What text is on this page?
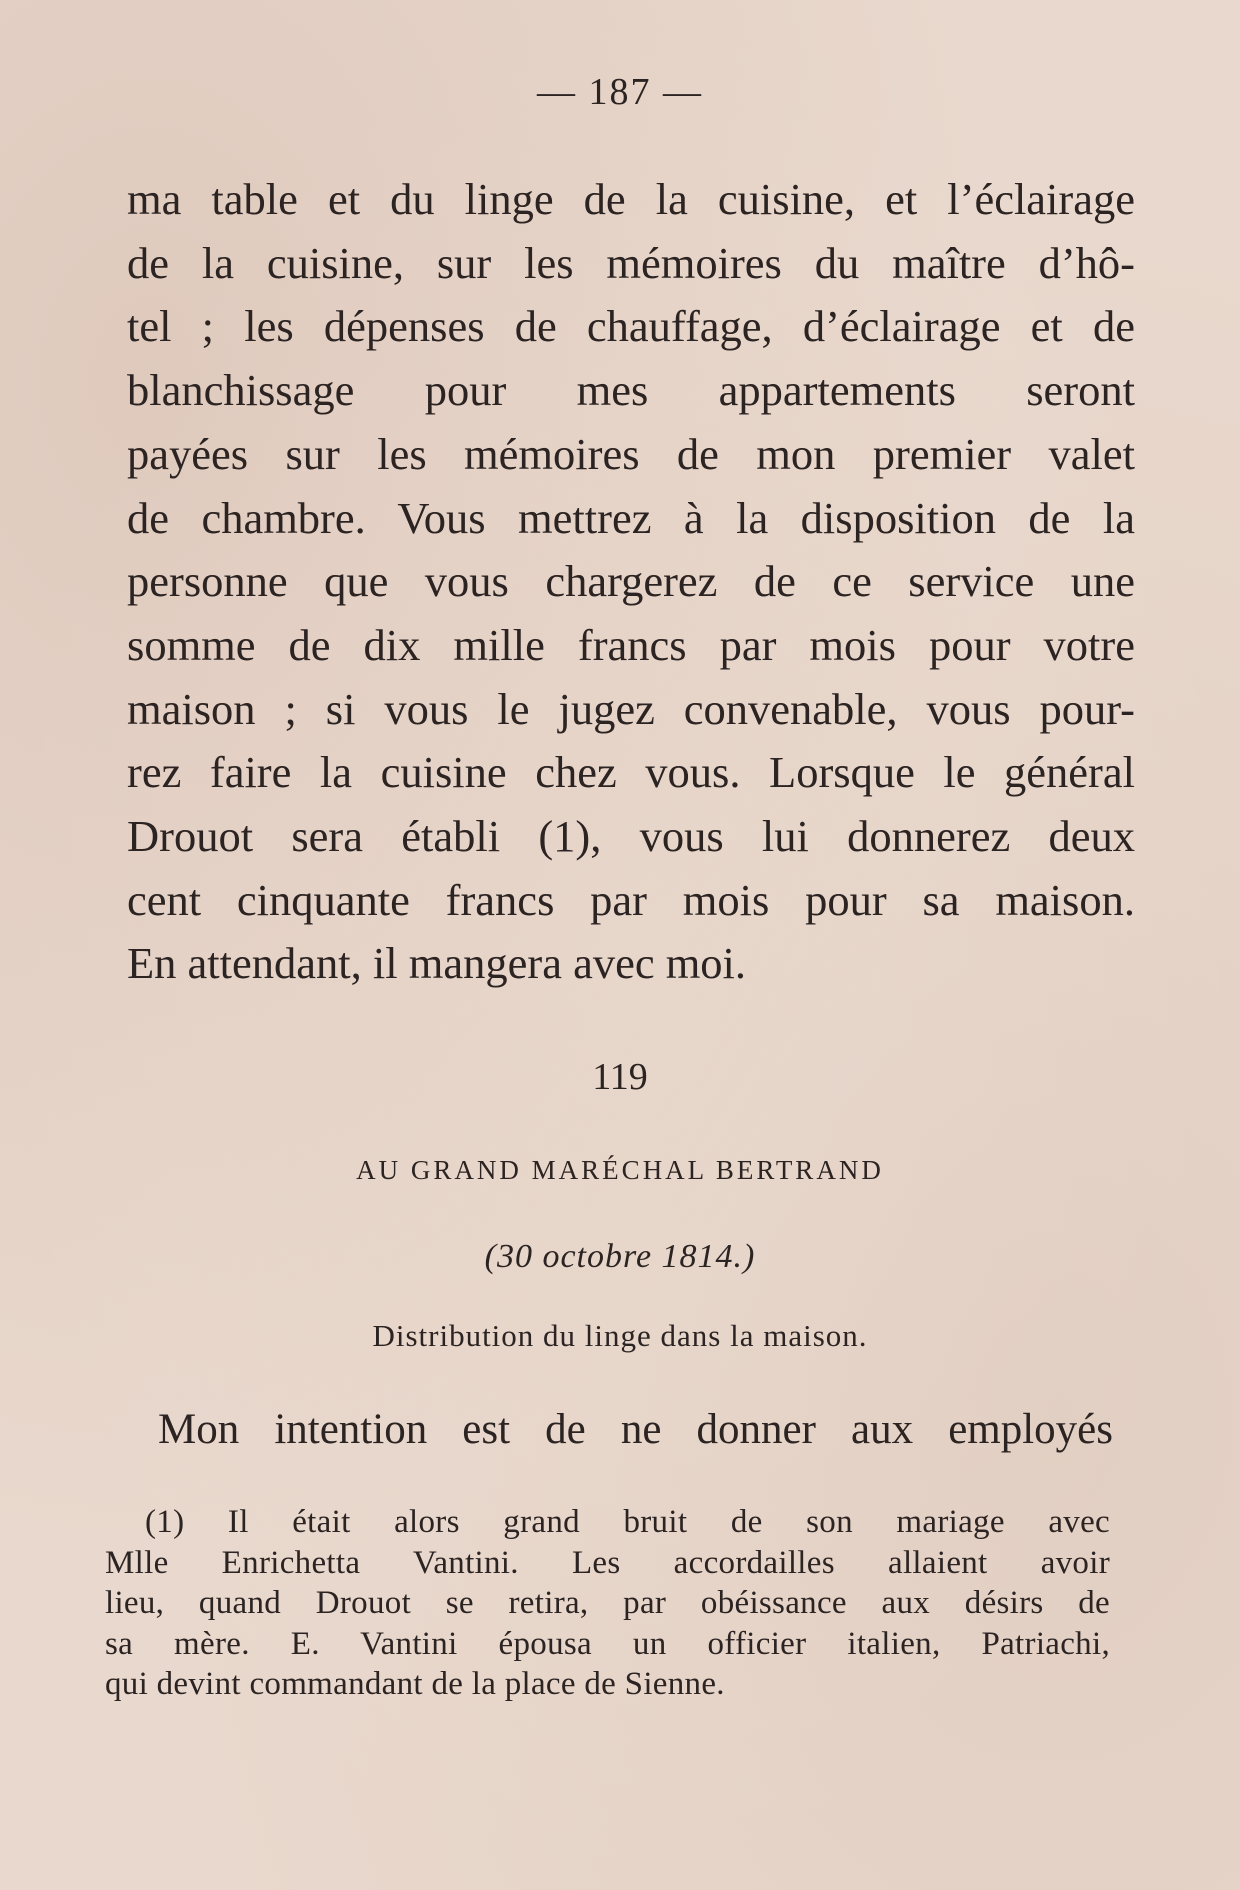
— 187 —
ma table et du linge de la cuisine, et l’éclairage
de la cuisine, sur les mémoires du maître d’hô-
tel ; les dépenses de chauffage, d’éclairage et de
blanchissage pour mes appartements seront
payées sur les mémoires de mon premier valet
de chambre. Vous mettrez à la disposition de la
personne que vous chargerez de ce service une
somme de dix mille francs par mois pour votre
maison ; si vous le jugez convenable, vous pour-
rez faire la cuisine chez vous. Lorsque le général
Drouot sera établi (1), vous lui donnerez deux
cent cinquante francs par mois pour sa maison.
En attendant, il mangera avec moi.
119
AU GRAND MARÉCHAL BERTRAND
(30 octobre 1814.)
Distribution du linge dans la maison.
Mon intention est de ne donner aux employés
(1) Il était alors grand bruit de son mariage avec
Mlle Enrichetta Vantini. Les accordailles allaient avoir
lieu, quand Drouot se retira, par obéissance aux désirs de
sa mère. E. Vantini épousa un officier italien, Patriachi,
qui devint commandant de la place de Sienne.
